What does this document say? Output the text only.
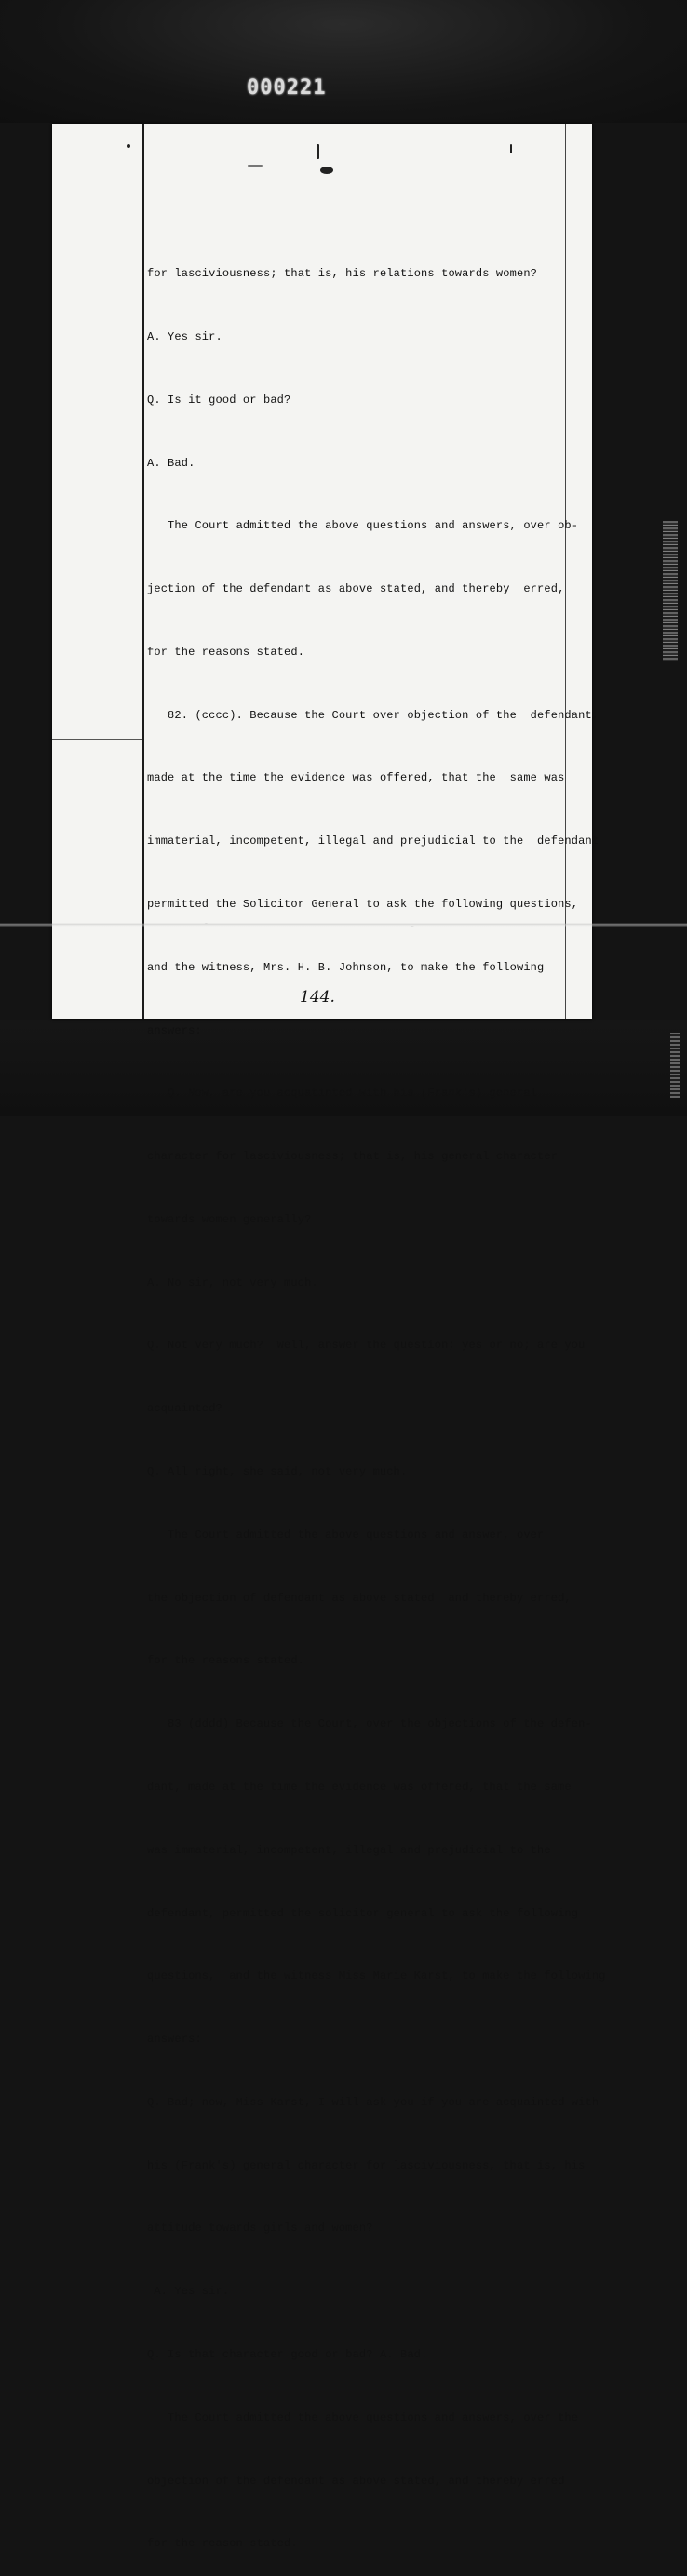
000221

for lasciviousness; that is, his relations towards women?

A. Yes sir.

Q. Is it good or bad?

A. Bad.

The Court admitted the above questions and answers, over ob-

jection of the defendant as above stated, and thereby  erred,

for the reasons stated.

82. (cccc). Because the Court over objection of the  defendant,

made at the time the evidence was offered, that the  same was

immaterial, incompetent, illegal and prejudicial to the  defendant

permitted the Solicitor General to ask the following questions,

and the witness, Mrs. H. B. Johnson, to make the following

answers:

Q. Now, are you acquatinted with his (Frank's) general

character for lasciviousness; that is, his general character

towards women generally?

A. No sir, not very much.

Q. Not very much?  Well, answer the question; yes or no; are you

acquainted?

Q. All right, she said, not very much.

The Court admitted the above questions and answer, over

the objection of defendant as above stated  and thereby erred,

for the reasons stated.

83 (dddd) Because the Court, over the objections of the defen-

dant, made at the time the evidence was offered, that the same

was immaterial, incompetent, illegal and prejudicial to the

defendant, permitted the solicitor general to ask the following

questions,  and the witness Miss Marie Karst, to make the following

answers:

Q. Bad; now, Miss Karst, I will ask you if you are acquainted with

his (Frank's) general character for lasciviousness, that is, his

attitude towards girls and women?

A. Yes sir.

Q. Is that character good or bad? A. Bad.

The Court admitted the above questions and answers, over the

objection of the defendant as above stated, and thereby erred

for the reason stated.

144.
